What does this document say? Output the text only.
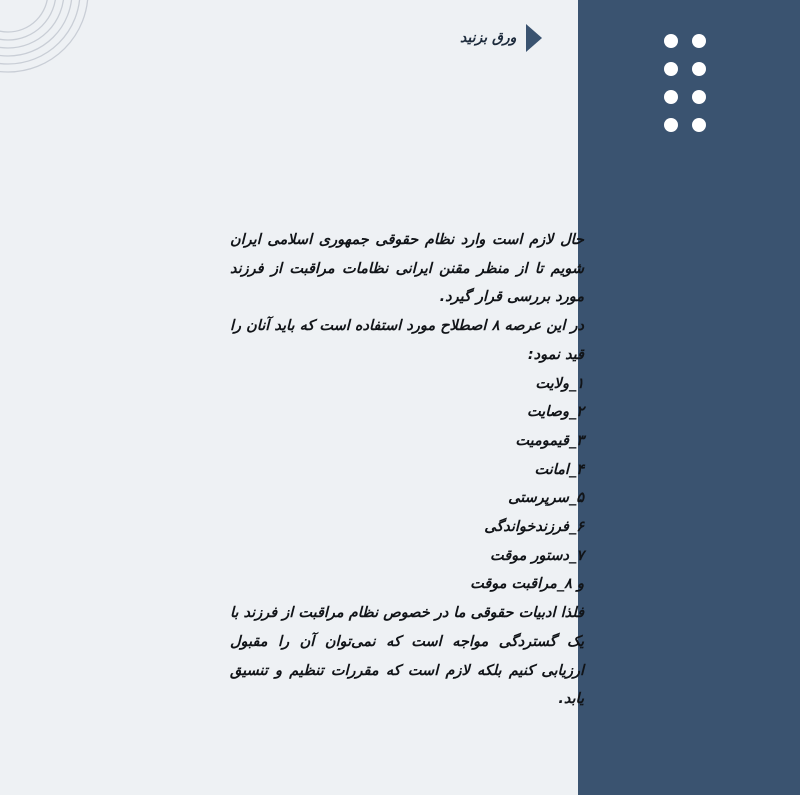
ورق بزنید

حال لازم است وارد نظام حقوقی جمهوری اسلامی ایران شویم تا از منظر مقنن ایرانی نظامات مراقبت از فرزند مورد بررسی قرار گیرد.

در این عرصه ۸ اصطلاح مورد استفاده است که باید آنان را قید نمود:

۱_ولایت
۲_وصایت
۳_قیمومیت
۴_امانت
۵_سرپرستی
۶_فرزندخواندگی
۷_دستور موقت
و ۸_مراقبت موقت

فلذا ادبیات حقوقی ما در خصوص نظام مراقبت از فرزند با یک گستردگی مواجه است که نمی‌توان آن را مقبول ارزیابی کنیم بلکه لازم است که مقررات تنظیم و تنسیق یابد.
